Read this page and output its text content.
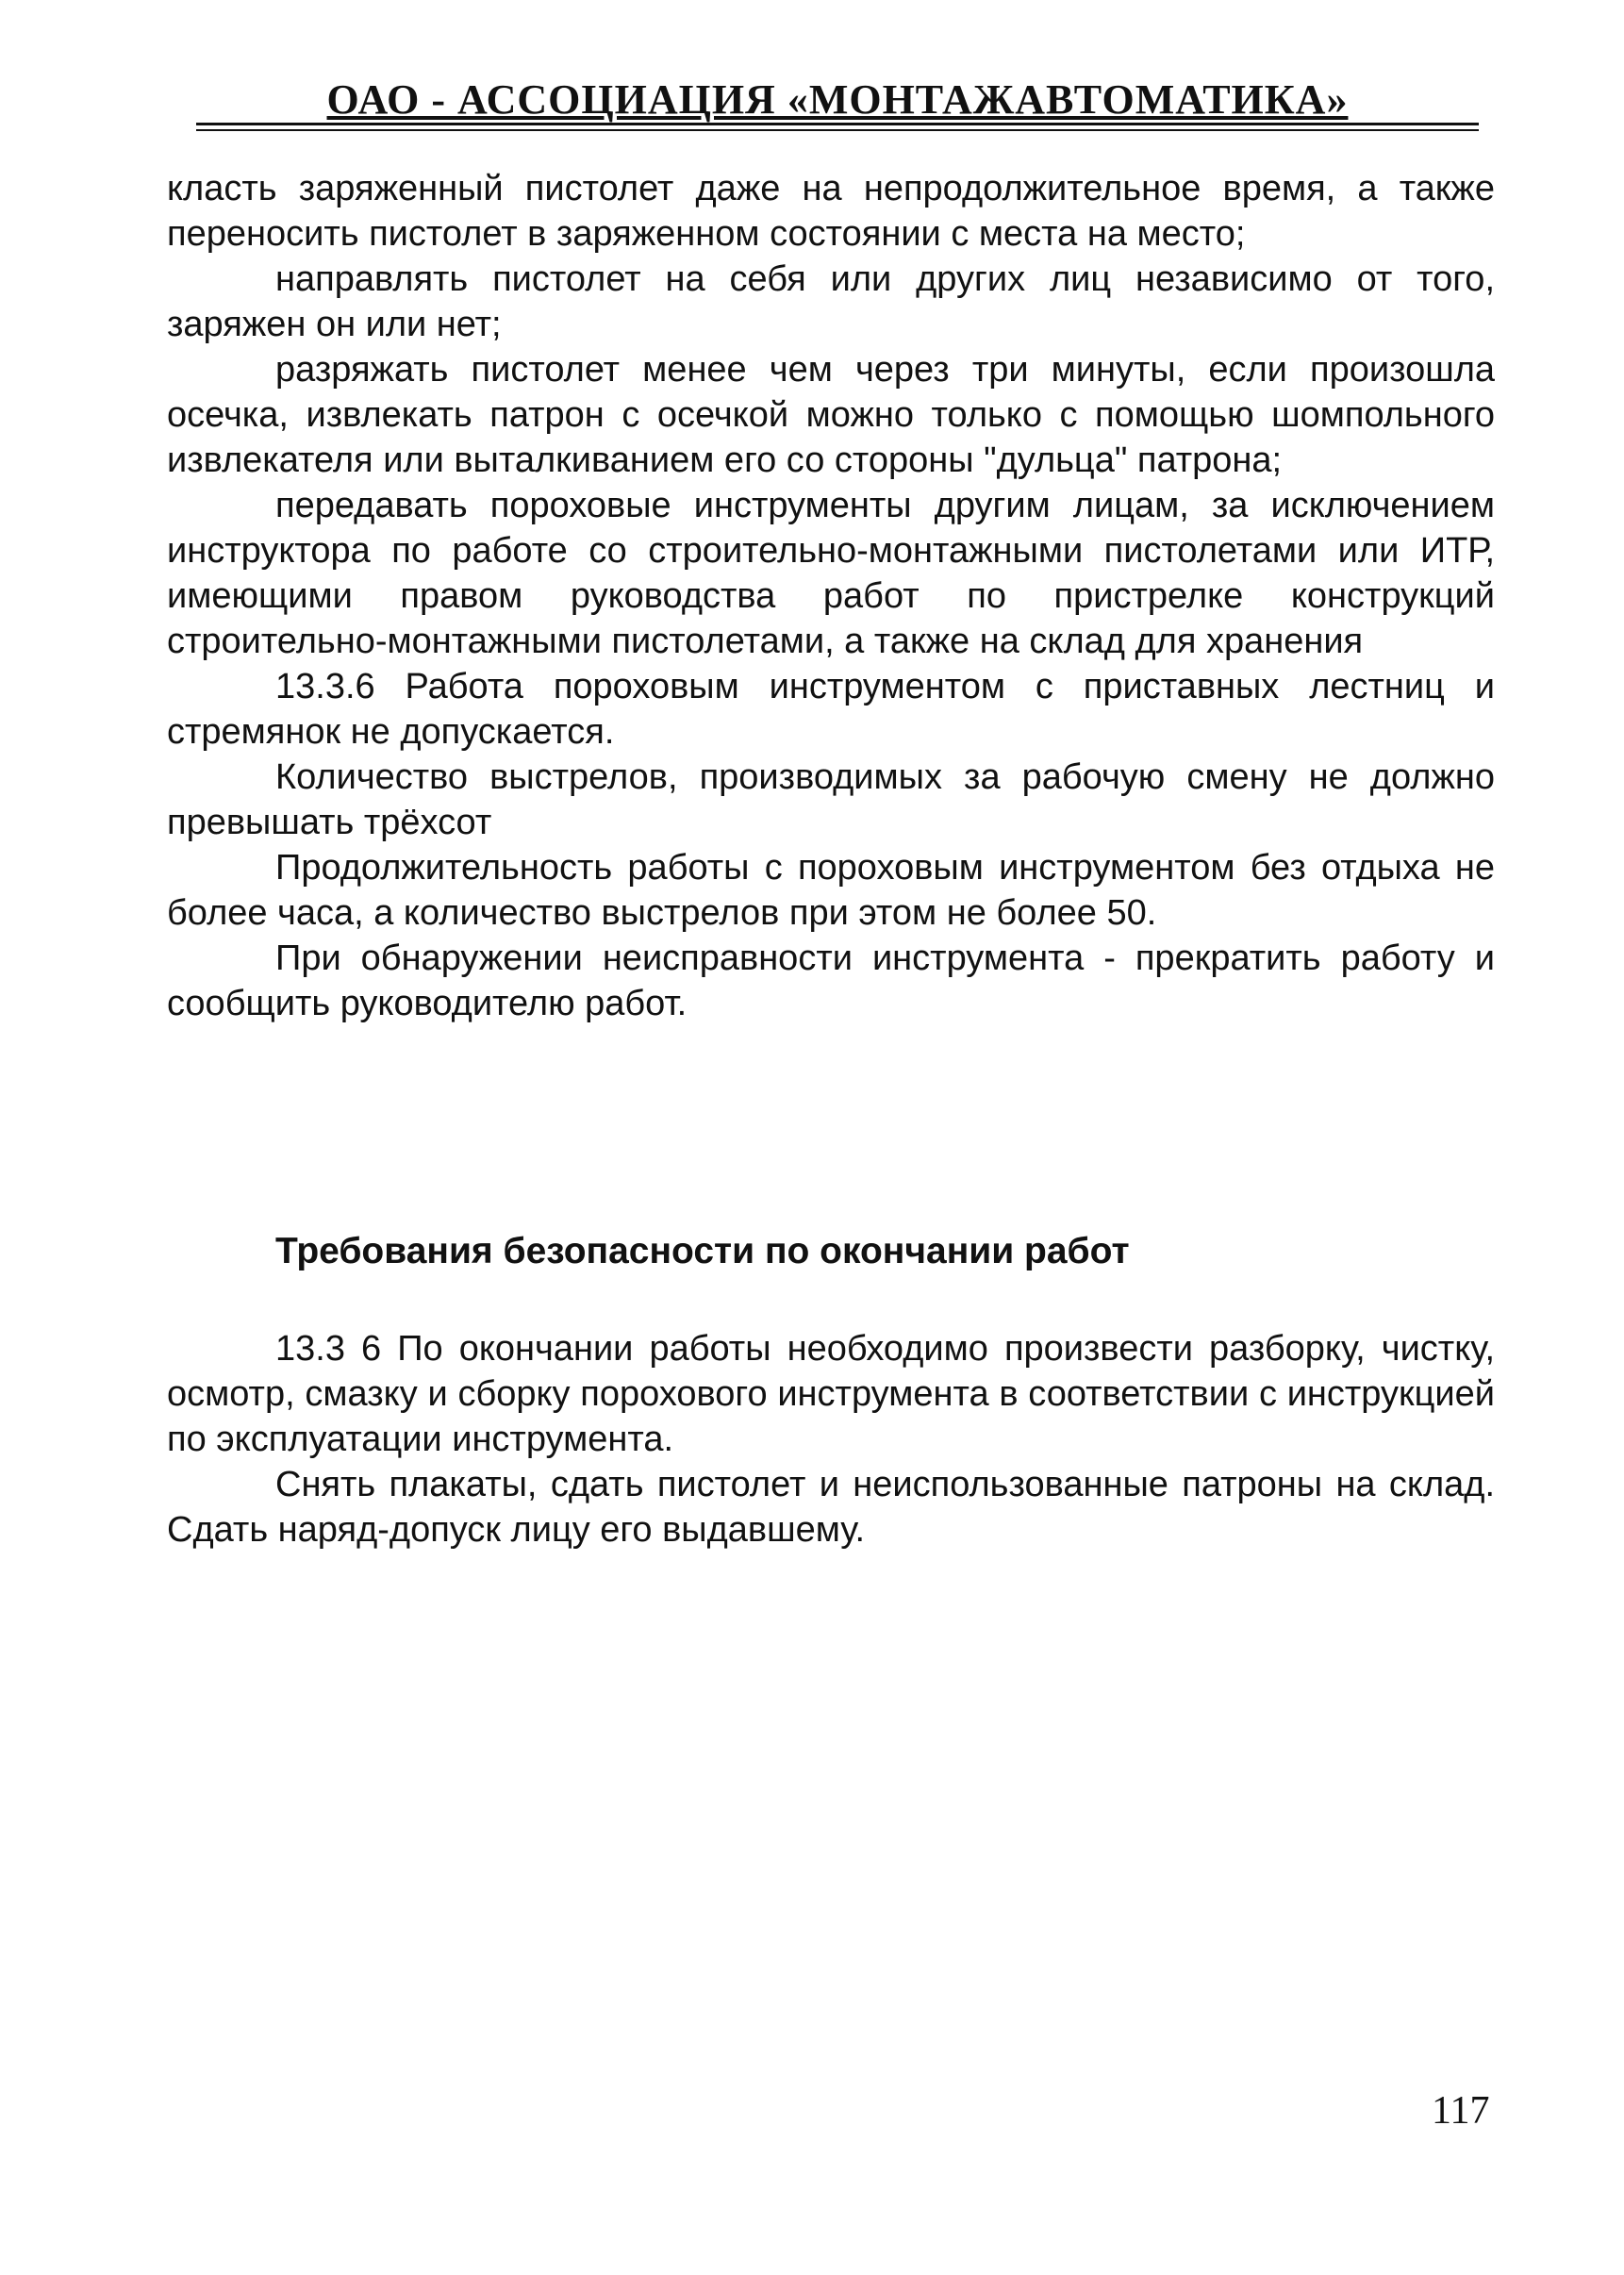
ОАО - АССОЦИАЦИЯ «МОНТАЖАВТОМАТИКА»

класть заряженный пистолет даже на непродолжительное время, а также переносить пистолет в заряженном состоянии с места на место;

направлять пистолет на себя или других лиц независимо от того, заряжен он или нет;

разряжать пистолет менее чем через три минуты, если произошла осечка, извлекать патрон с осечкой можно только с помощью шомпольного извлекателя или выталкиванием его со стороны "дульца" патрона;

передавать пороховые инструменты другим лицам, за исключением инструктора по работе со строительно-монтажными пистолетами или ИТР, имеющими правом руководства работ по пристрелке конструкций строительно-монтажными пистолетами, а также на склад для хранения

13.3.6 Работа пороховым инструментом с приставных лестниц и стремянок не допускается.

Количество выстрелов, производимых за рабочую смену не должно превышать трёхсот

Продолжительность работы с пороховым инструментом без отдыха не более часа, а количество выстрелов при этом не более 50.

При обнаружении неисправности инструмента - прекратить работу и сообщить руководителю работ.

Требования безопасности по окончании работ

13.3 6 По окончании работы необходимо произвести разборку, чистку, осмотр, смазку и сборку порохового инструмента в соответствии с инструкцией по эксплуатации инструмента.

Снять плакаты, сдать пистолет и неиспользованные патроны на склад. Сдать наряд-допуск лицу его выдавшему.

117
